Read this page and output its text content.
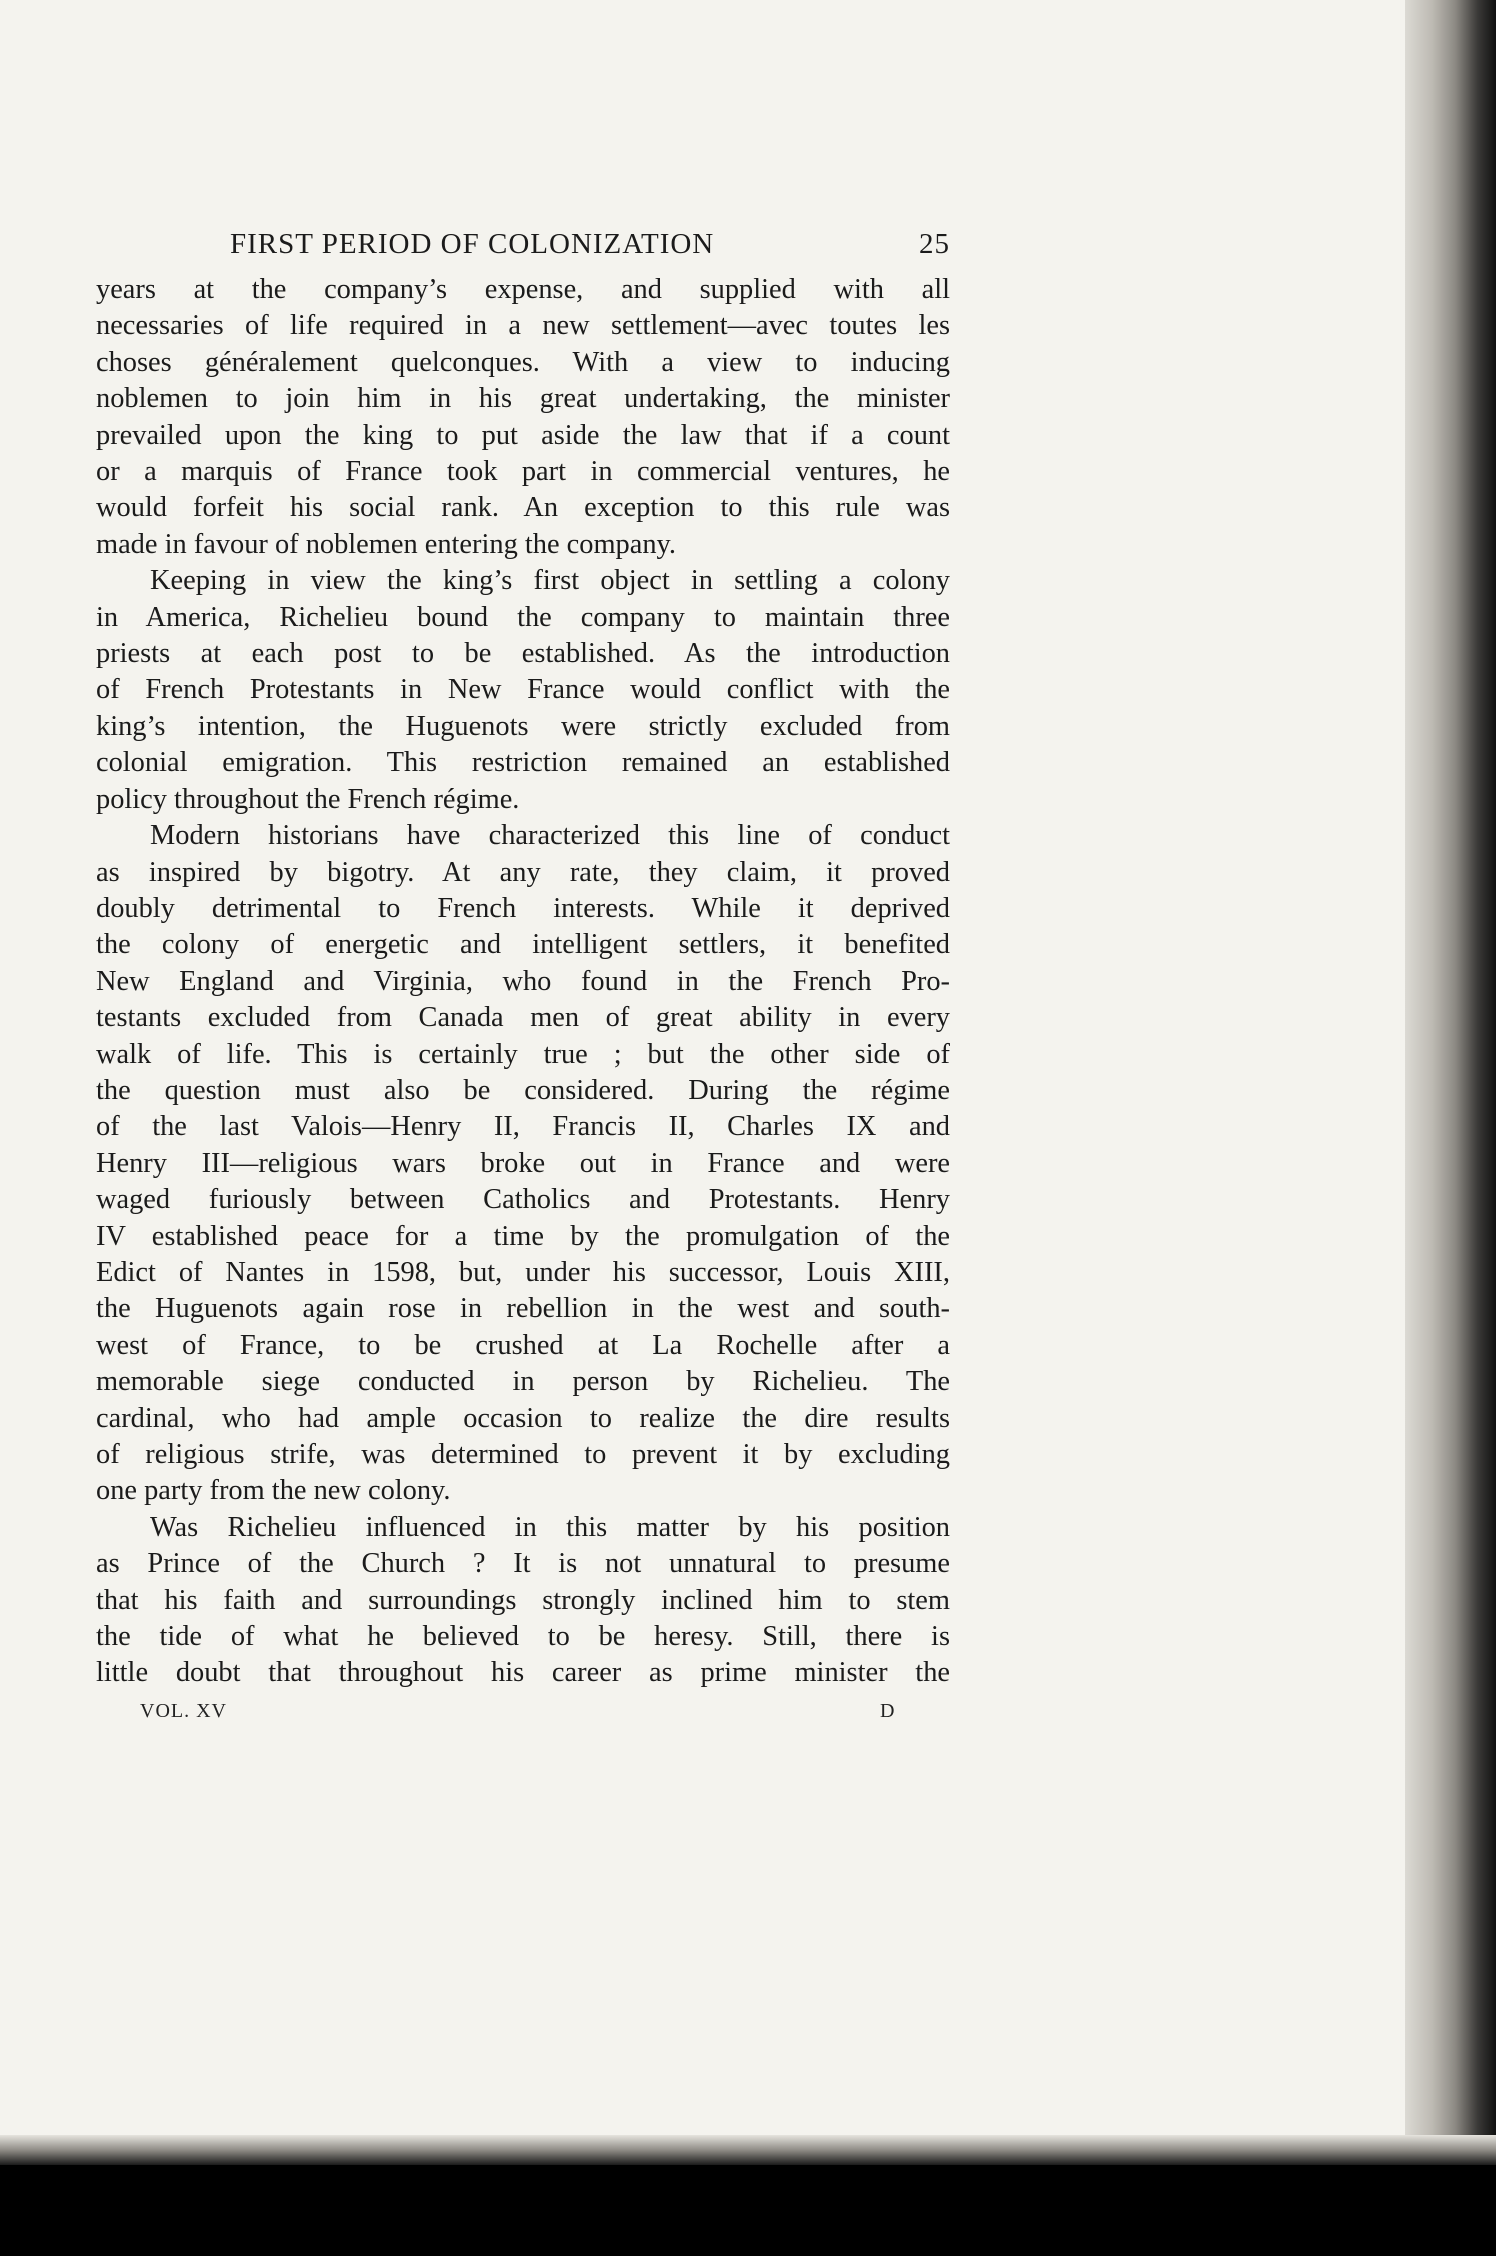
FIRST PERIOD OF COLONIZATION	25
years at the company’s expense, and supplied with all
necessaries of life required in a new settlement—avec toutes les
choses généralement quelconques. With a view to inducing
noblemen to join him in his great undertaking, the minister
prevailed upon the king to put aside the law that if a count
or a marquis of France took part in commercial ventures, he
would forfeit his social rank. An exception to this rule was
made in favour of noblemen entering the company.
Keeping in view the king’s first object in settling a colony
in America, Richelieu bound the company to maintain three
priests at each post to be established. As the introduction
of French Protestants in New France would conflict with the
king’s intention, the Huguenots were strictly excluded from
colonial emigration. This restriction remained an established
policy throughout the French régime.
Modern historians have characterized this line of conduct
as inspired by bigotry. At any rate, they claim, it proved
doubly detrimental to French interests. While it deprived
the colony of energetic and intelligent settlers, it benefited
New England and Virginia, who found in the French Pro-
testants excluded from Canada men of great ability in every
walk of life. This is certainly true ; but the other side of
the question must also be considered. During the régime
of the last Valois—Henry II, Francis II, Charles IX and
Henry III—religious wars broke out in France and were
waged furiously between Catholics and Protestants. Henry
IV established peace for a time by the promulgation of the
Edict of Nantes in 1598, but, under his successor, Louis XIII,
the Huguenots again rose in rebellion in the west and south-
west of France, to be crushed at La Rochelle after a
memorable siege conducted in person by Richelieu. The
cardinal, who had ample occasion to realize the dire results
of religious strife, was determined to prevent it by excluding
one party from the new colony.
Was Richelieu influenced in this matter by his position
as Prince of the Church ? It is not unnatural to presume
that his faith and surroundings strongly inclined him to stem
the tide of what he believed to be heresy. Still, there is
little doubt that throughout his career as prime minister the
VOL. XV	D
